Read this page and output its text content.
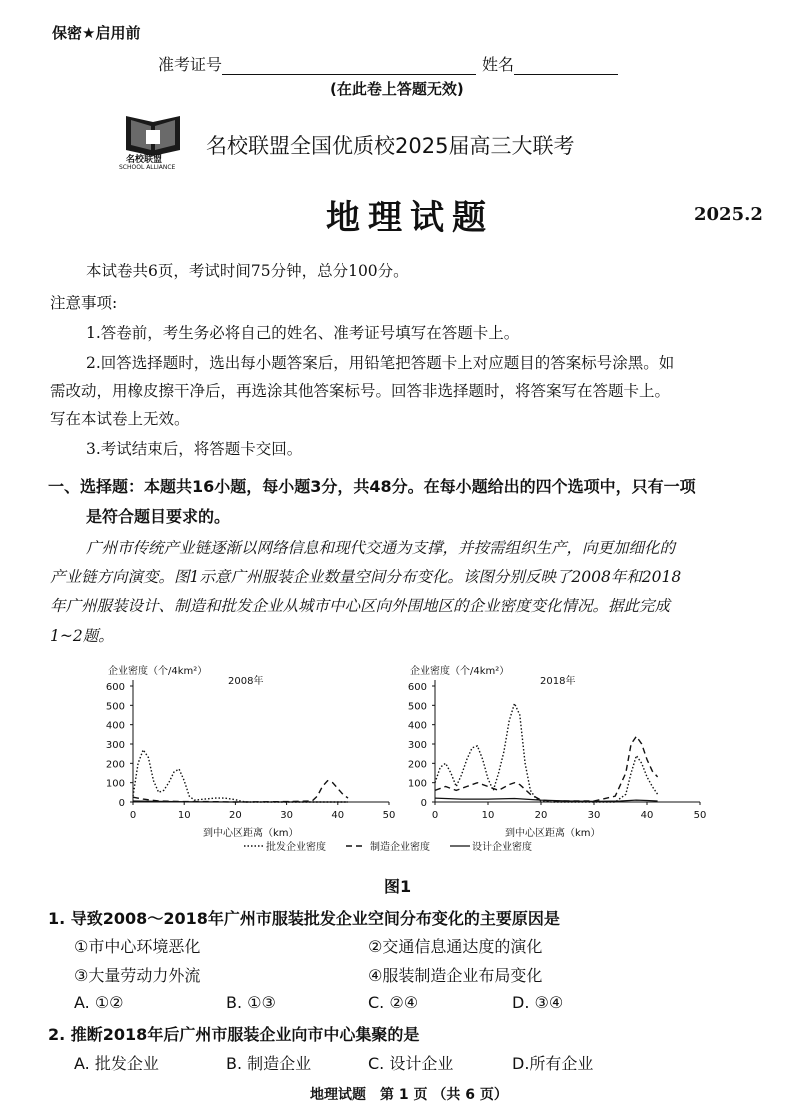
保密★启用前
准考证号	姓名
(在此卷上答题无效)
名校联盟
SCHOOL ALLIANCE
名校联盟全国优质校2025届高三大联考
地理试题	2025.2
本试卷共6页，考试时间75分钟，总分100分。
注意事项:
1.答卷前，考生务必将自己的姓名、准考证号填写在答题卡上。
2.回答选择题时，选出每小题答案后，用铅笔把答题卡上对应题目的答案标号涂黑。如
需改动，用橡皮擦干净后，再选涂其他答案标号。回答非选择题时，将答案写在答题卡上。
写在本试卷上无效。
3.考试结束后，将答题卡交回。
一、选择题：本题共16小题，每小题3分，共48分。在每小题给出的四个选项中，只有一项
是符合题目要求的。
广州市传统产业链逐渐以网络信息和现代交通为支撑，并按需组织生产，向更加细化的
产业链方向演变。图1示意广州服装企业数量空间分布变化。该图分别反映了2008年和2018
年广州服装设计、制造和批发企业从城市中心区向外围地区的企业密度变化情况。据此完成
1~2题。
0
100
200
300
400
500
600
0	10	20	30	40	50
企业密度（个/4km²）
2008年
到中心区距离（km）
0
100
200
300
400
500
600
0	10	20	30	40	50
企业密度（个/4km²）
2018年
到中心区距离（km）
批发企业密度	制造企业密度	设计企业密度
图1
1. 导致2008～2018年广州市服装批发企业空间分布变化的主要原因是
①市中心环境恶化	②交通信息通达度的演化
③大量劳动力外流	④服装制造企业布局变化
A. ①②	B. ①③	C. ②④	D. ③④
2. 推断2018年后广州市服装企业向市中心集聚的是
A. 批发企业	B. 制造企业	C. 设计企业	D.所有企业
地理试题　第 1 页 （共 6 页）
